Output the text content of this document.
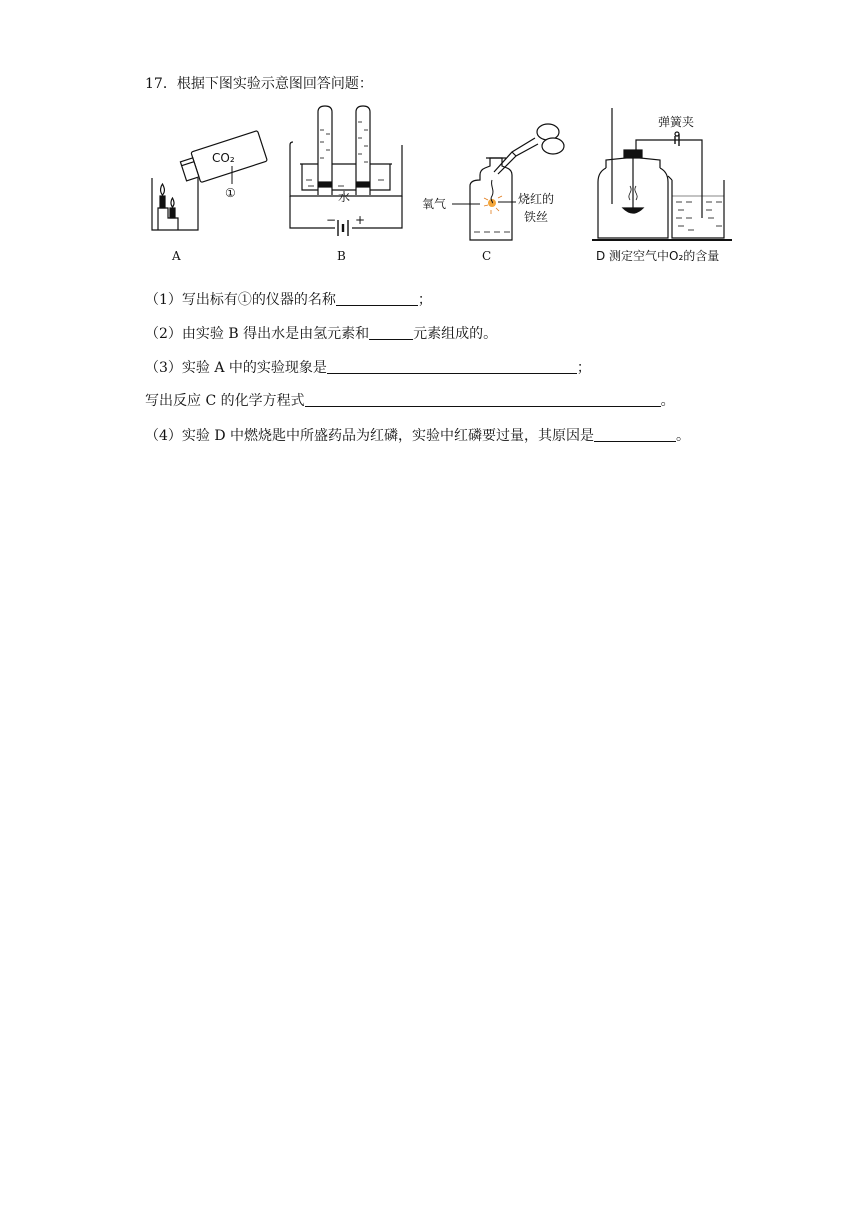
17．根据下图实验示意图回答问题：
CO₂
①	水
− +
氧气	烧红的
铁丝
弹簧夹
A	B	C	D 测定空气中O₂的含量
（1）写出标有①的仪器的名称	；
（2）由实验 B 得出水是由氢元素和	元素组成的。
（3）实验 A 中的实验现象是	；
写出反应 C 的化学方程式	。
（4）实验 D 中燃烧匙中所盛药品为红磷，实验中红磷要过量，其原因是	。
